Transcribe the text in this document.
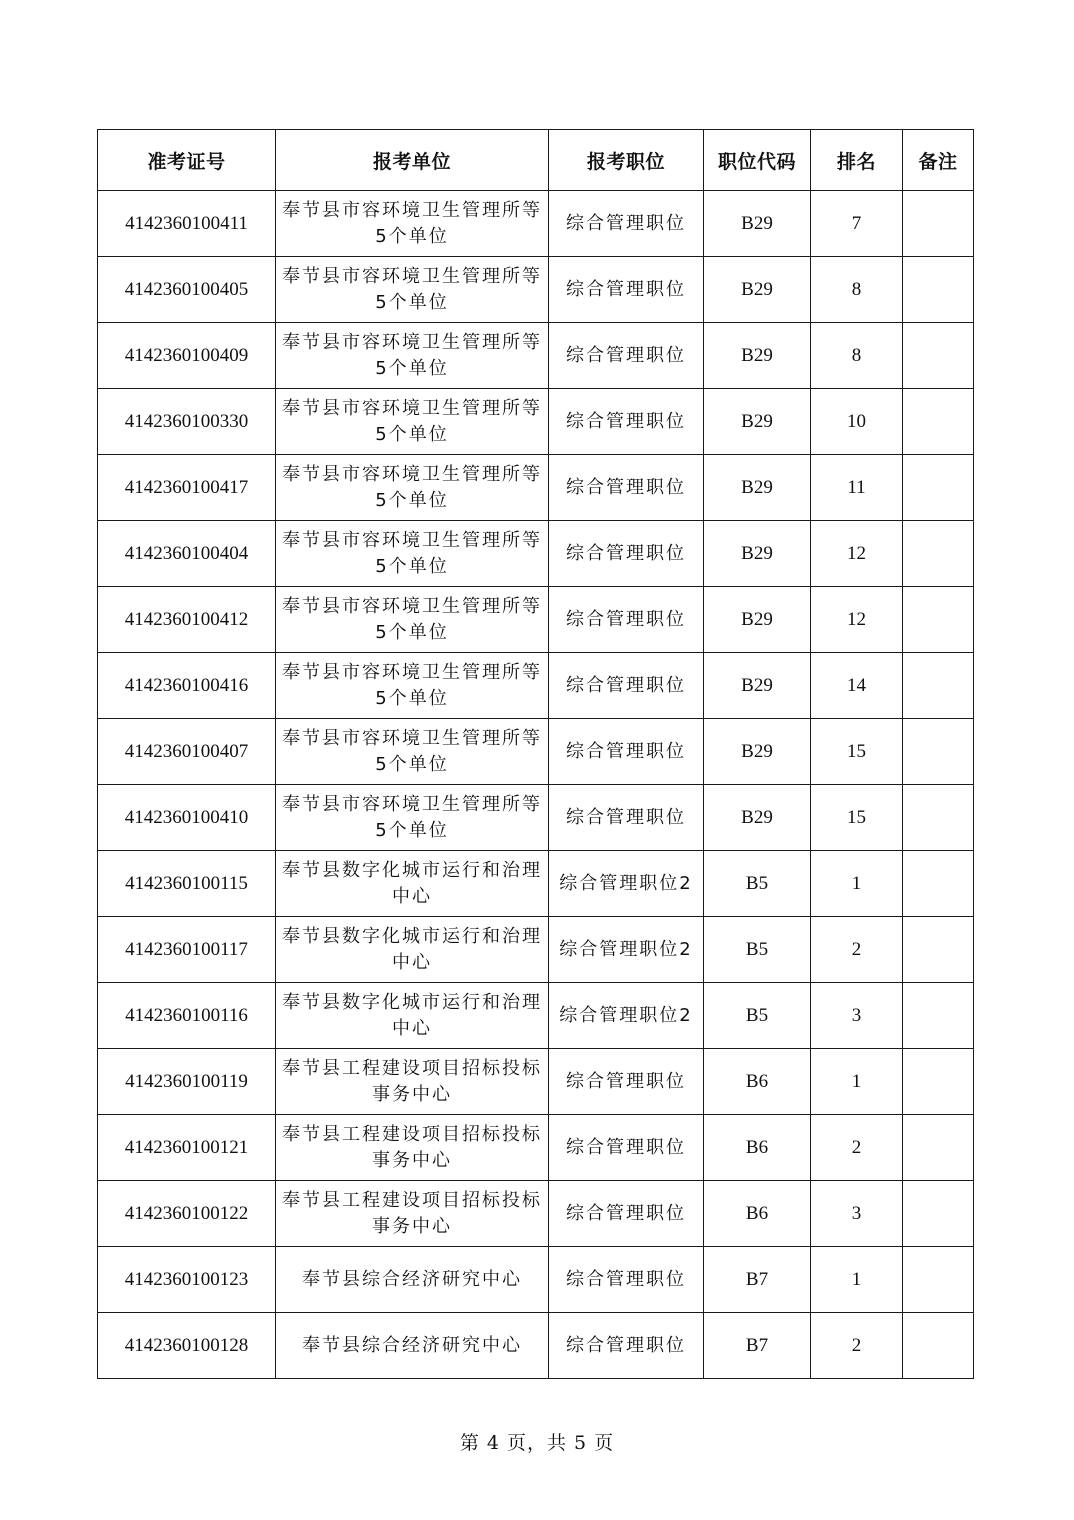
准考证号	报考单位	报考职位	职位代码	排名	备注
4142360100411	奉节县市容环境卫生管理所等5个单位	综合管理职位	B29	7	
4142360100405	奉节县市容环境卫生管理所等5个单位	综合管理职位	B29	8	
4142360100409	奉节县市容环境卫生管理所等5个单位	综合管理职位	B29	8	
4142360100330	奉节县市容环境卫生管理所等5个单位	综合管理职位	B29	10	
4142360100417	奉节县市容环境卫生管理所等5个单位	综合管理职位	B29	11	
4142360100404	奉节县市容环境卫生管理所等5个单位	综合管理职位	B29	12	
4142360100412	奉节县市容环境卫生管理所等5个单位	综合管理职位	B29	12	
4142360100416	奉节县市容环境卫生管理所等5个单位	综合管理职位	B29	14	
4142360100407	奉节县市容环境卫生管理所等5个单位	综合管理职位	B29	15	
4142360100410	奉节县市容环境卫生管理所等5个单位	综合管理职位	B29	15	
4142360100115	奉节县数字化城市运行和治理中心	综合管理职位2	B5	1	
4142360100117	奉节县数字化城市运行和治理中心	综合管理职位2	B5	2	
4142360100116	奉节县数字化城市运行和治理中心	综合管理职位2	B5	3	
4142360100119	奉节县工程建设项目招标投标事务中心	综合管理职位	B6	1	
4142360100121	奉节县工程建设项目招标投标事务中心	综合管理职位	B6	2	
4142360100122	奉节县工程建设项目招标投标事务中心	综合管理职位	B6	3	
4142360100123	奉节县综合经济研究中心	综合管理职位	B7	1	
4142360100128	奉节县综合经济研究中心	综合管理职位	B7	2	
第 4 页，共 5 页
